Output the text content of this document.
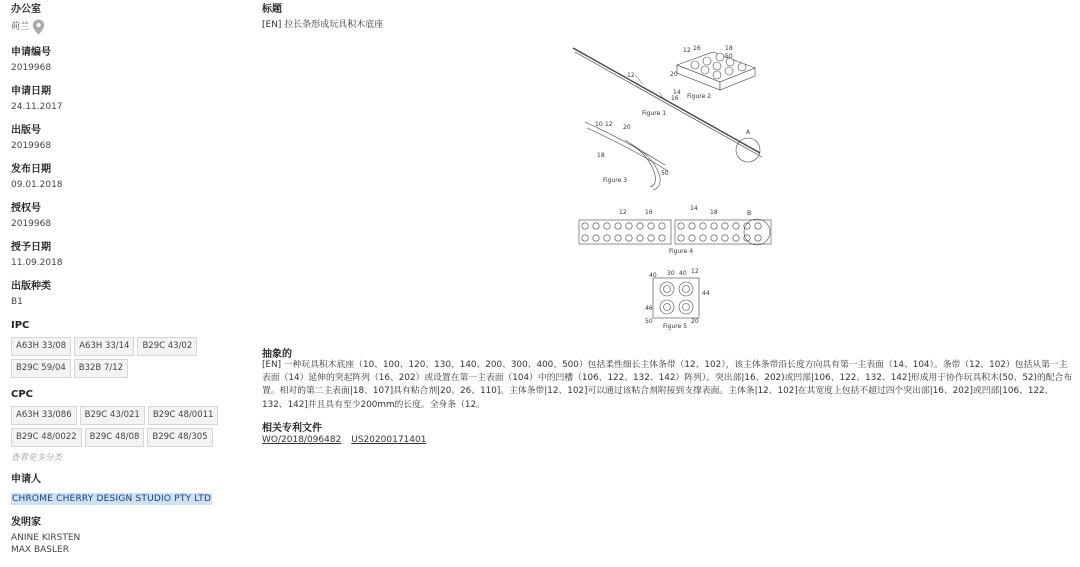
办公室
荷兰
申请编号
2019968
申请日期
24.11.2017
出版号
2019968
发布日期
09.01.2018
授权号
2019968
授予日期
11.09.2018
出版种类
B1
IPC
A63H 33/08	A63H 33/14	B29C 43/02
B29C 59/04	B32B 7/12
CPC
A63H 33/086	B29C 43/021	B29C 48/0011
B29C 48/0022	B29C 48/08	B29C 48/305
查看更多分类
申请人
CHROME CHERRY DESIGN STUDIO PTY LTD
发明家
ANINE KIRSTEN
MAX BASLER
标题
[EN] 拉长条形成玩具积木底座
Figure 1
12
14
16
A
Figure 2
12 16	18
50
20
Figure 3
10 12 20
18
50
Figure 4
12	16
14
18	B
Figure 5
40 30 40 12
44
46
50	20
抽象的
[EN] 一种玩具积木底座（10、100、120、130、140、200、300、400、500）包括柔性细长主体条带（12、102），该主体条带沿长度方向具有第一主表面（14、104）。条带（12、102）包括从第一主表面（14）延伸的突起阵列（16、202）或设置在第一主表面（104）中的凹槽（106、122、132、142）阵列）。突出部|16、202)或凹部|106、122、132、142]形成用于协作玩具积木(50、52)的配合布置。相对的第二主表面|18、107]具有粘合剂|20、26、110]。主体条带|12、102]可以通过该粘合剂附接到支撑表面。主体条|12、102]在其宽度上包括不超过四个突出部|16、202]或凹部|106、122、132、142]并且具有至少200mm的长度。全身条（12。
相关专利文件
WO/2018/096482 US20200171401
